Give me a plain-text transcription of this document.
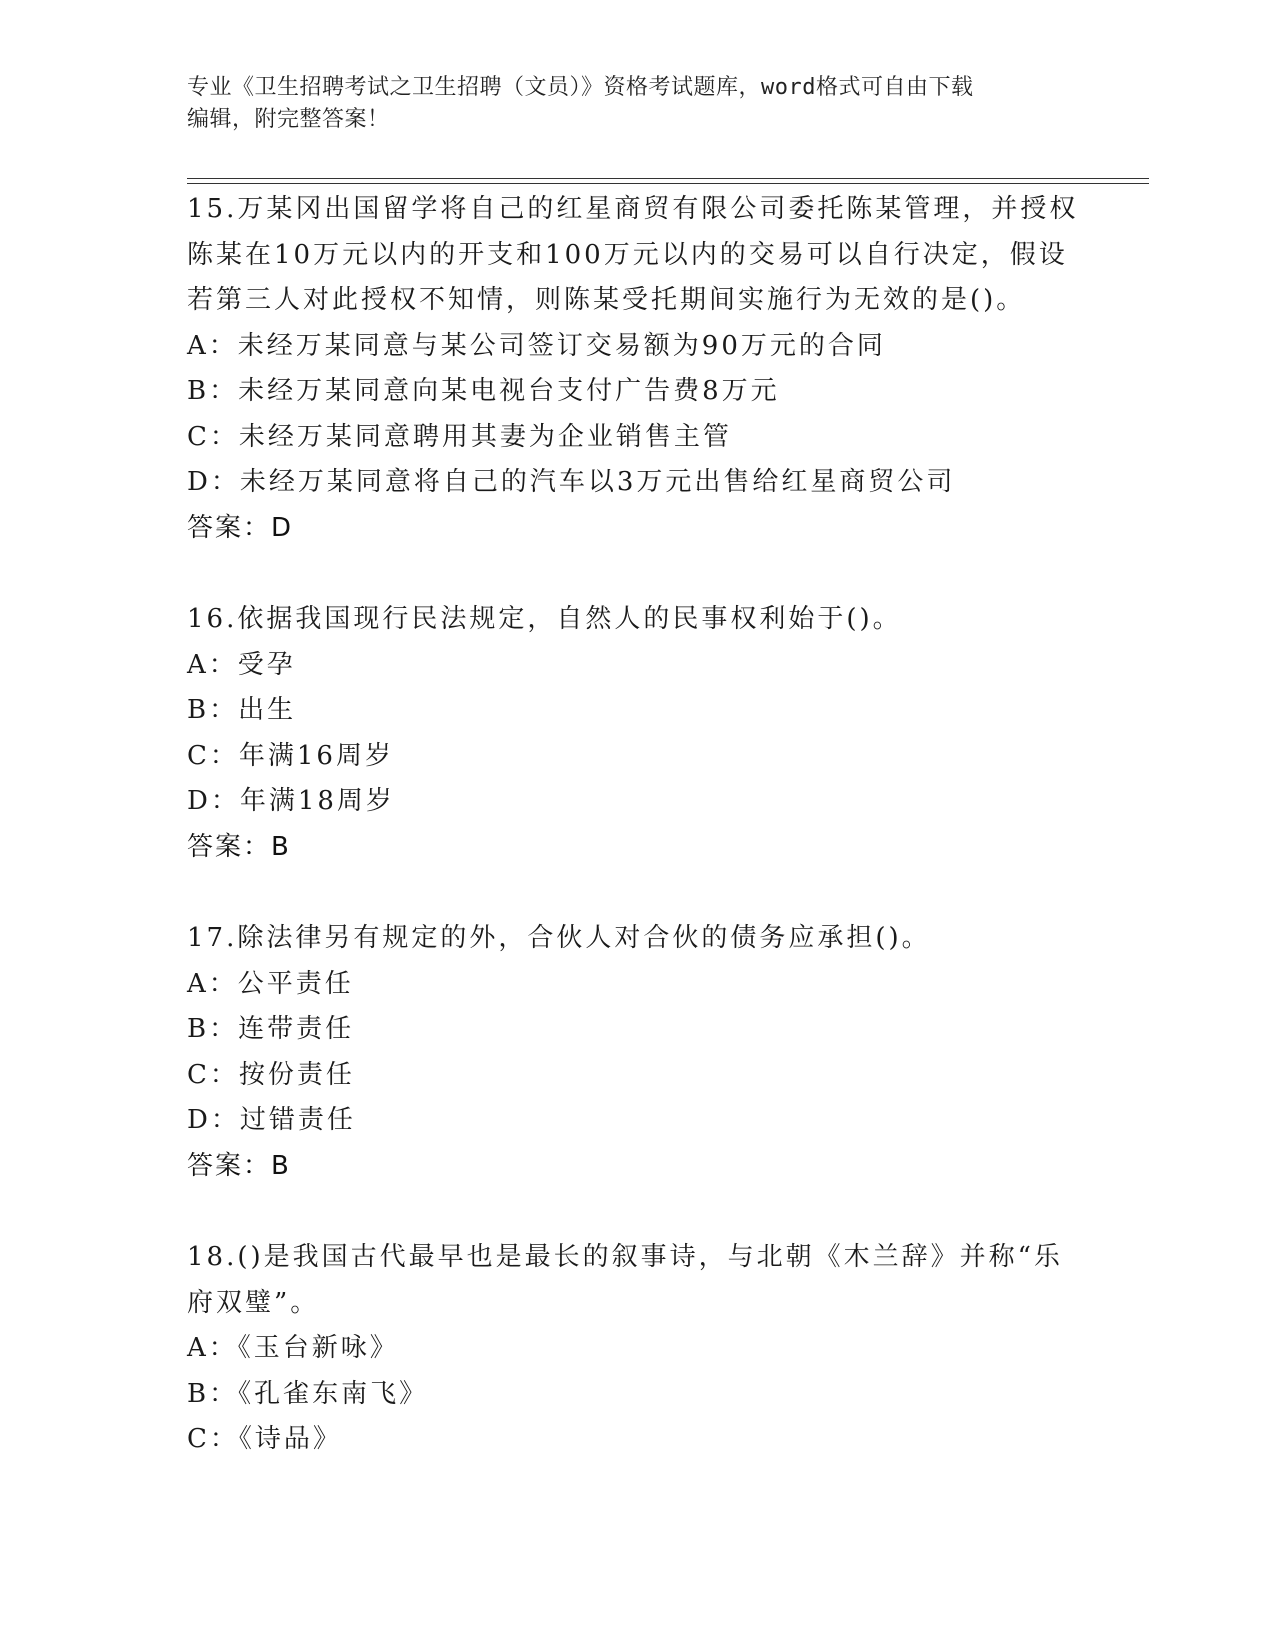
专业《卫生招聘考试之卫生招聘（文员）》资格考试题库，word格式可自由下载
编辑，附完整答案！
15.万某冈出国留学将自己的红星商贸有限公司委托陈某管理，并授权
陈某在10万元以内的开支和100万元以内的交易可以自行决定，假设
若第三人对此授权不知情，则陈某受托期间实施行为无效的是()。
A：未经万某同意与某公司签订交易额为90万元的合同
B：未经万某同意向某电视台支付广告费8万元
C：未经万某同意聘用其妻为企业销售主管
D：未经万某同意将自己的汽车以3万元出售给红星商贸公司
答案：D
16.依据我国现行民法规定，自然人的民事权利始于()。
A：受孕
B：出生
C：年满16周岁
D：年满18周岁
答案：B
17.除法律另有规定的外，合伙人对合伙的债务应承担()。
A：公平责任
B：连带责任
C：按份责任
D：过错责任
答案：B
18.()是我国古代最早也是最长的叙事诗，与北朝《木兰辞》并称“乐
府双璧”。
A：《玉台新咏》
B：《孔雀东南飞》
C：《诗品》
